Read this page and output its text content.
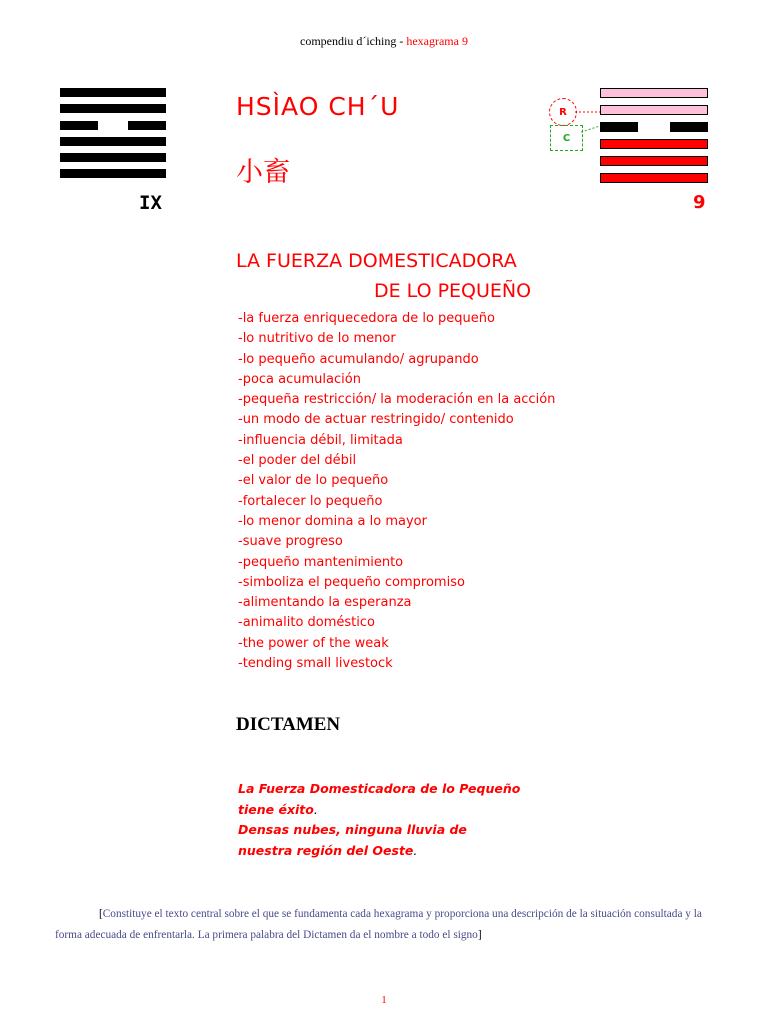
compendiu d´iching - hexagrama 9
IX
HSÌAO CH´U
小畜
R
C
9
LA FUERZA DOMESTICADORA
DE LO PEQUEÑO
-la fuerza enriquecedora de lo pequeño
-lo nutritivo de lo menor
-lo pequeño acumulando/ agrupando
-poca acumulación
-pequeña restricción/ la moderación en la acción
-un modo de actuar restringido/ contenido
-influencia débil, limitada
-el poder del débil
-el valor de lo pequeño
-fortalecer lo pequeño
-lo menor domina a lo mayor
-suave progreso
-pequeño mantenimiento
-simboliza el pequeño compromiso
-alimentando la esperanza
-animalito doméstico
-the power of the weak
-tending small livestock
DICTAMEN
La Fuerza Domesticadora de lo Pequeño
tiene éxito.
Densas nubes, ninguna lluvia de
nuestra región del Oeste.
[Constituye el texto central sobre el que se fundamenta cada hexagrama y proporciona una descripción de la situación consultada y la forma adecuada de enfrentarla. La primera palabra del Dictamen da el nombre a todo el signo]
1
